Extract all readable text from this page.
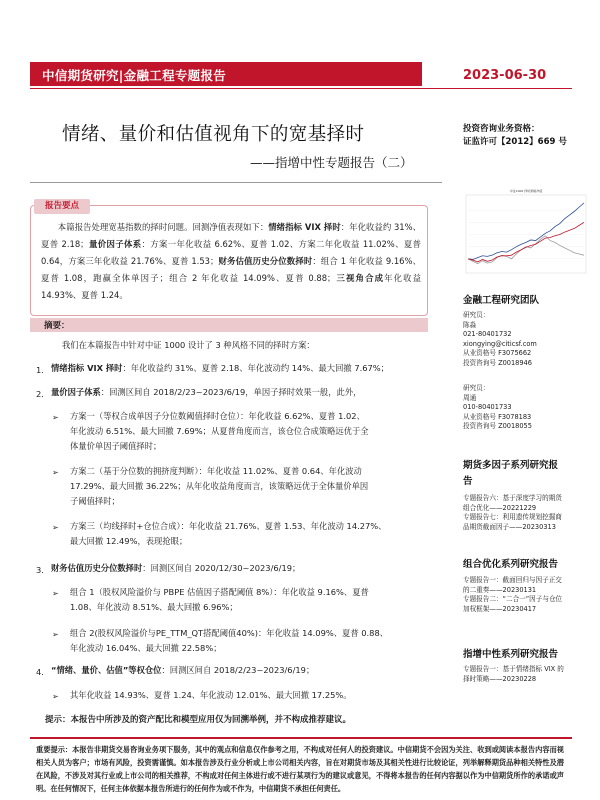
中信期货研究|金融工程专题报告	2023-06-30
情绪、量价和估值视角下的宽基择时
——指增中性专题报告（二）
投资咨询业务资格：
证监许可【2012】669 号
中证1000 择时策略净值
报告要点
本篇报告处理宽基指数的择时问题。回测净值表现如下：情绪指标 VIX 择时：年化收益约 31%、夏普 2.18；量价因子体系：方案一年化收益 6.62%、夏普 1.02、方案二年化收益 11.02%、夏普 0.64，方案三年化收益 21.76%、夏普 1.53；财务估值历史分位数择时：组合 1 年化收益 9.16%、夏普 1.08，跑赢全体单因子；组合 2 年化收益 14.09%、夏普 0.88；三视角合成年化收益 14.93%、夏普 1.24。
摘要：
我们在本篇报告中针对中证 1000 设计了 3 种风格不同的择时方案：
1. 情绪指标 VIX 择时：年化收益约 31%、夏普 2.18、年化波动约 14%、最大回撤 7.67%；
2. 量价因子体系：回测区间自 2018/2/23~2023/6/19，单因子择时效果一般，此外，
➢ 方案一（等权合成单因子分位数阈值择时仓位）：年化收益 6.62%、夏普 1.02、
年化波动 6.51%、最大回撤 7.69%；从夏普角度而言，该仓位合成策略远优于全
体量价单因子阈值择时；
➢ 方案二（基于分位数的拥挤度判断）：年化收益 11.02%、夏普 0.64、年化波动
17.29%、最大回撤 36.22%；从年化收益角度而言，该策略远优于全体量价单因
子阈值择时；
➢ 方案三（均线择时+仓位合成）：年化收益 21.76%、夏普 1.53、年化波动 14.27%、
最大回撤 12.49%，表现抢眼；
3. 财务估值历史分位数择时：回测区间自 2020/12/30~2023/6/19；
➢ 组合 1（股权风险溢价与 PBPE 估值因子搭配阈值 8%）：年化收益 9.16%、夏普
1.08、年化波动 8.51%、最大回撤 6.96%；
➢ 组合 2(股权风险溢价与PE_TTM_QT搭配阈值40%)：年化收益 14.09%、夏普 0.88、
年化波动 16.04%、最大回撤 22.58%；
4. “情绪、量价、估值”等权仓位：回测区间自 2018/2/23~2023/6/19；
➢ 其年化收益 14.93%、夏普 1.24、年化波动 12.01%、最大回撤 17.25%。
提示：本报告中所涉及的资产配比和模型应用仅为回溯举例，并不构成推荐建议。
重要提示：本报告非期货交易咨询业务项下服务，其中的观点和信息仅作参考之用，不构成对任何人的投资建议。中信期货不会因为关注、收到或阅读本报告内容而视相关人员为客户；市场有风险，投资需谨慎。如本报告涉及行业分析或上市公司相关内容，旨在对期货市场及其相关性进行比较论证，列举解释期货品种相关特性及潜在风险，不涉及对其行业或上市公司的相关推荐，不构成对任何主体进行或不进行某项行为的建议或意见，不得将本报告的任何内容据以作为中信期货所作的承诺或声明。在任何情况下，任何主体依据本报告所进行的任何作为或不作为，中信期货不承担任何责任。
金融工程研究团队
研究员：
陈淼
021-80401732
xiongying@citicsf.com
从业资格号 F3075662
投资咨询号 Z0018946
研究员：
周通
010-80401733
从业资格号 F3078183
投资咨询号 Z0018055
期货多因子系列研究报
告
专题报告六：基于深度学习的期货
组合优化——20221229
专题报告七：利用遗传规划挖掘商
品期货截面因子——20230313
组合优化系列研究报告
专题报告一：截面回归与因子正交
的二重奏——20230131
专题报告二：“二合一”因子与仓位
加权框架——20230417
指增中性系列研究报告
专题报告一：基于情绪指标 VIX 的
择时策略——20230228
